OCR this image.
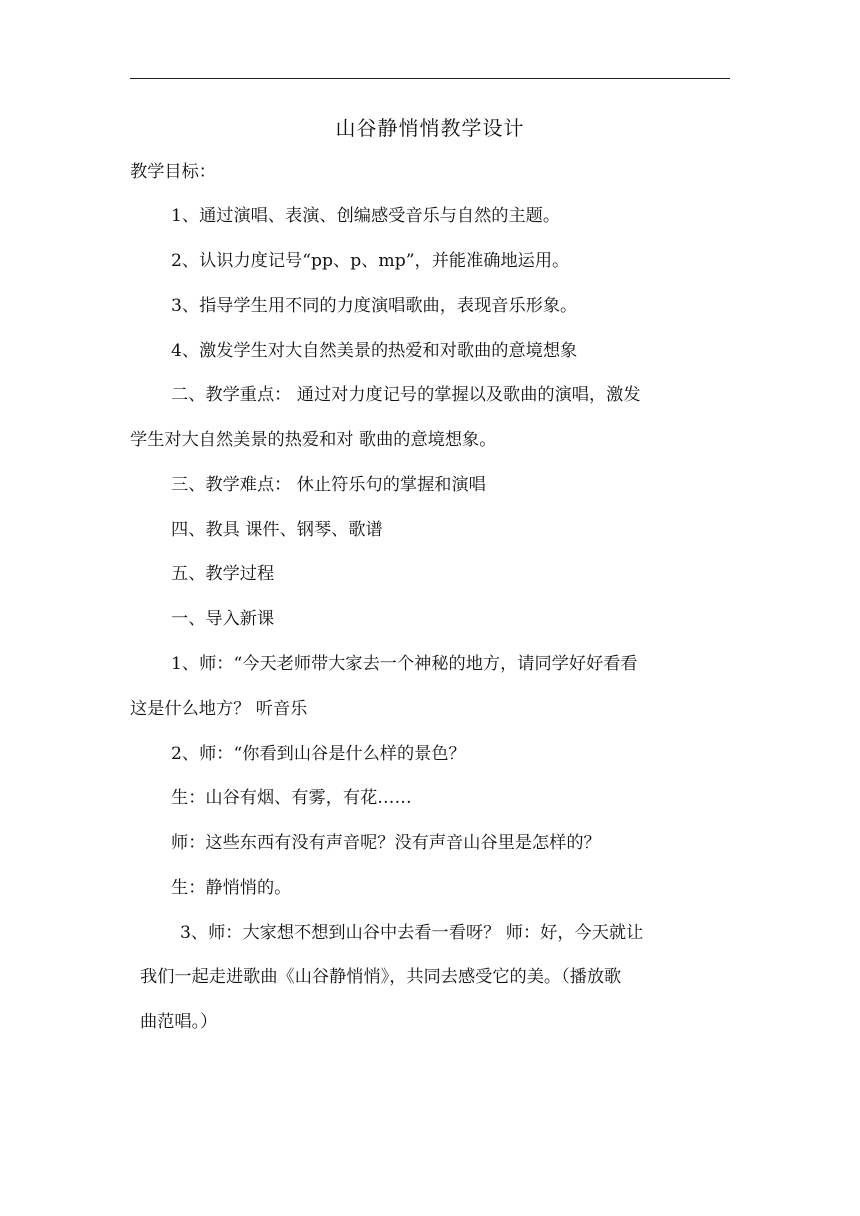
山谷静悄悄教学设计
教学目标：
1、通过演唱、表演、创编感受音乐与自然的主题。
2、认识力度记号“pp、p、mp”，并能准确地运用。
3、指导学生用不同的力度演唱歌曲，表现音乐形象。
4、激发学生对大自然美景的热爱和对歌曲的意境想象
二、教学重点： 通过对力度记号的掌握以及歌曲的演唱，激发
学生对大自然美景的热爱和对 歌曲的意境想象。
三、教学难点： 休止符乐句的掌握和演唱
四、教具 课件、钢琴、歌谱
五、教学过程
一、导入新课
1、师：“今天老师带大家去一个神秘的地方，请同学好好看看
这是什么地方？ 听音乐
2、师：“你看到山谷是什么样的景色？
生：山谷有烟、有雾，有花……
师：这些东西有没有声音呢？没有声音山谷里是怎样的？
生：静悄悄的。
3、师：大家想不想到山谷中去看一看呀？ 师：好，今天就让
我们一起走进歌曲《山谷静悄悄》，共同去感受它的美。（播放歌
曲范唱。）
